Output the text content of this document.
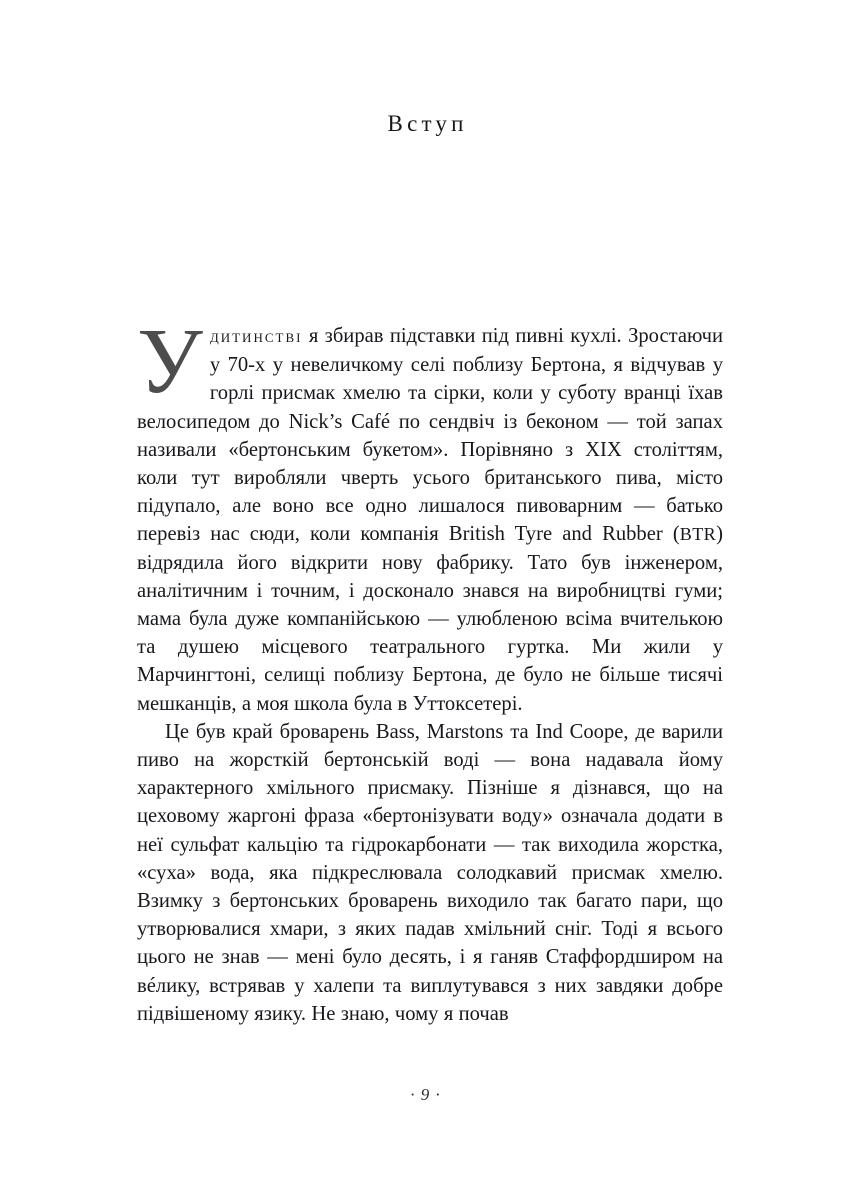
Вступ

Удитинстві я збирав підставки під пивні кухлі. Зростаючи у 70-х у невеличкому селі поблизу Бертона, я відчував у горлі присмак хмелю та сірки, коли у суботу вранці їхав велосипедом до Nick’s Café по сендвіч із беконом — той запах називали «бертонським букетом». Порівняно з XIX століттям, коли тут виробляли чверть усього британського пива, місто підупало, але воно все одно лишалося пивоварним — батько перевіз нас сюди, коли компанія British Tyre and Rubber (BTR) відрядила його відкрити нову фабрику. Тато був інженером, аналітичним і точним, і досконало знався на виробництві гуми; мама була дуже компанійською — улюбленою всіма вчителькою та душею місцевого театрального гуртка. Ми жили у Марчингтоні, селищі поблизу Бертона, де було не більше тисячі мешканців, а моя школа була в Уттоксетері.

Це був край броварень Bass, Marstons та Ind Coope, де варили пиво на жорсткій бертонській воді — вона надавала йому характерного хмільного присмаку. Пізніше я дізнався, що на цеховому жаргоні фраза «бертонізувати воду» означала додати в неї сульфат кальцію та гідрокарбонати — так виходила жорстка, «суха» вода, яка підкреслювала солодкавий присмак хмелю. Взимку з бертонських броварень виходило так багато пари, що утворювалися хмари, з яких падав хмільний сніг. Тоді я всього цього не знав — мені було десять, і я ганяв Стаффордширом на вéлику, встрявав у халепи та виплутувався з них завдяки добре підвішеному язику. Не знаю, чому я почав

· 9 ·
